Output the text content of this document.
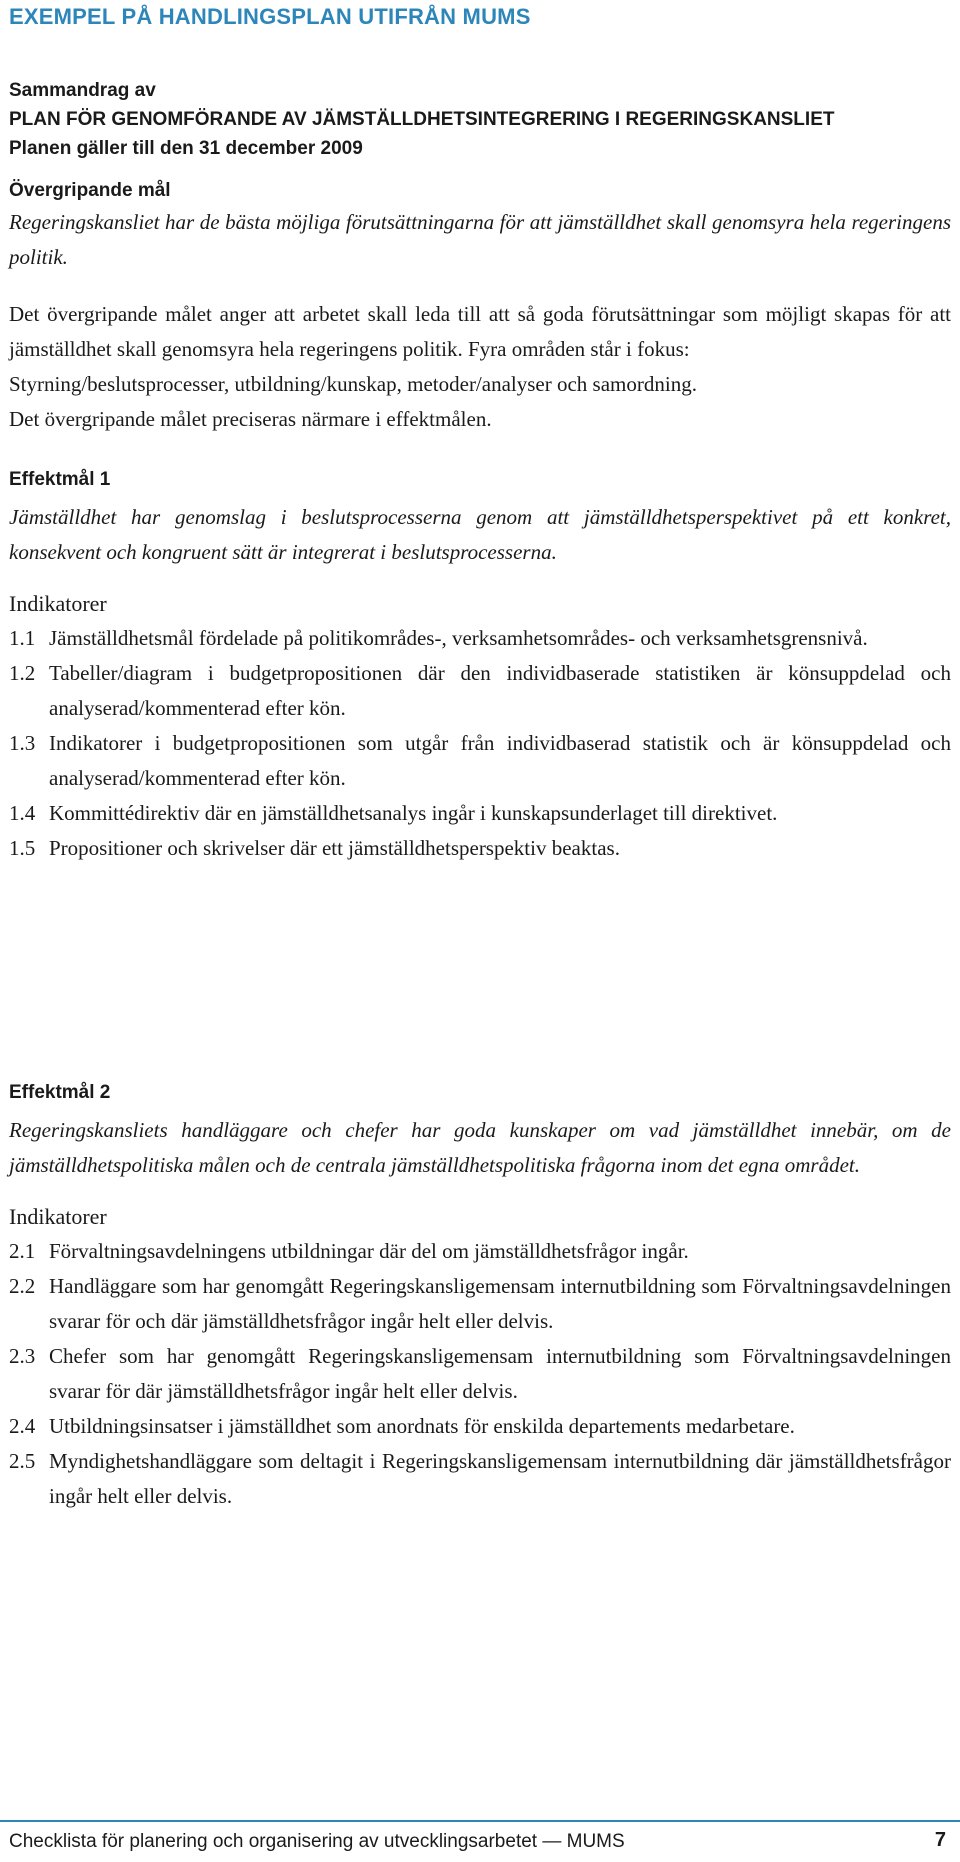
EXEMPEL PÅ HANDLINGSPLAN UTIFRÅN MUMS

Sammandrag av

PLAN FÖR GENOMFÖRANDE AV JÄMSTÄLLDHETSINTEGRERING I REGERINGSKANSLIET

Planen gäller till den 31 december 2009

Övergripande mål

Regeringskansliet har de bästa möjliga förutsättningarna för att jämställdhet skall genomsyra hela regeringens politik.

Det övergripande målet anger att arbetet skall leda till att så goda förutsättningar som möjligt skapas för att jämställdhet skall genomsyra hela regeringens politik. Fyra områden står i fokus:

Styrning/beslutsprocesser, utbildning/kunskap, metoder/analyser och samordning.

Det övergripande målet preciseras närmare i effektmålen.

Effektmål 1

Jämställdhet har genomslag i beslutsprocesserna genom att jämställdhetsperspektivet på ett konkret, konsekvent och kongruent sätt är integrerat i beslutsprocesserna.

Indikatorer

1.1 Jämställdhetsmål fördelade på politikområdes-, verksamhetsområdes- och verksamhetsgrensnivå.
1.2 Tabeller/diagram i budgetpropositionen där den individbaserade statistiken är könsuppdelad och analyserad/kommenterad efter kön.
1.3 Indikatorer i budgetpropositionen som utgår från individbaserad statistik och är könsuppdelad och analyserad/kommenterad efter kön.
1.4 Kommittédirektiv där en jämställdhetsanalys ingår i kunskapsunderlaget till direktivet.
1.5 Propositioner och skrivelser där ett jämställdhetsperspektiv beaktas.

Effektmål 2

Regeringskansliets handläggare och chefer har goda kunskaper om vad jämställdhet innebär, om de jämställdhetspolitiska målen och de centrala jämställdhetspolitiska frågorna inom det egna området.

Indikatorer

2.1 Förvaltningsavdelningens utbildningar där del om jämställdhetsfrågor ingår.
2.2 Handläggare som har genomgått Regeringskansligemensam internutbildning som Förvaltningsavdelningen svarar för och där jämställdhetsfrågor ingår helt eller delvis.
2.3 Chefer som har genomgått Regeringskansligemensam internutbildning som Förvaltningsavdelningen svarar för där jämställdhetsfrågor ingår helt eller delvis.
2.4 Utbildningsinsatser i jämställdhet som anordnats för enskilda departements medarbetare.
2.5 Myndighetshandläggare som deltagit i Regeringskansligemensam internutbildning där jämställdhetsfrågor ingår helt eller delvis.
Checklista för planering och organisering av utvecklingsarbetet — MUMS	7
